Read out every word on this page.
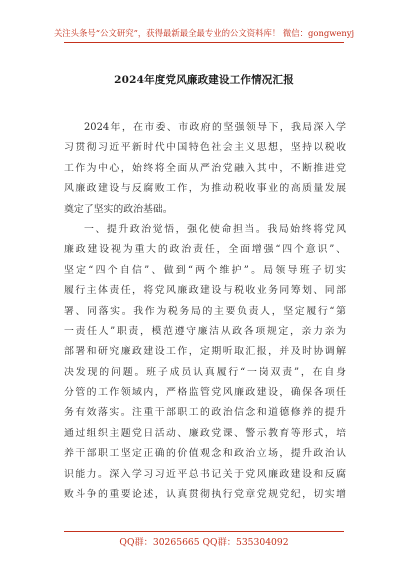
关注头条号“公文研究”，获得最新最全最专业的公文资料库！ 微信：gongwenyj
2024年度党风廉政建设工作情况汇报
2024年，在市委、市政府的坚强领导下，我局深入学
习贯彻习近平新时代中国特色社会主义思想，坚持以税收
工作为中心，始终将全面从严治党融入其中，不断推进党
风廉政建设与反腐败工作，为推动税收事业的高质量发展
奠定了坚实的政治基础。
一、提升政治觉悟，强化使命担当。我局始终将党风
廉政建设视为重大的政治责任，全面增强“四个意识”、
坚定“四个自信”、做到“两个维护”。局领导班子切实
履行主体责任，将党风廉政建设与税收业务同筹划、同部
署、同落实。我作为税务局的主要负责人，坚定履行“第
一责任人”职责，模范遵守廉洁从政各项规定，亲力亲为
部署和研究廉政建设工作，定期听取汇报，并及时协调解
决发现的问题。班子成员认真履行“一岗双责”，在自身
分管的工作领域内，严格监管党风廉政建设，确保各项任
务有效落实。注重干部职工的政治信念和道德修养的提升
通过组织主题党日活动、廉政党课、警示教育等形式，培
养干部职工坚定正确的价值观念和政治立场，提升政治认
识能力。深入学习习近平总书记关于党风廉政建设和反腐
败斗争的重要论述，认真贯彻执行党章党规党纪，切实增
QQ群：30265665 QQ群：535304092
